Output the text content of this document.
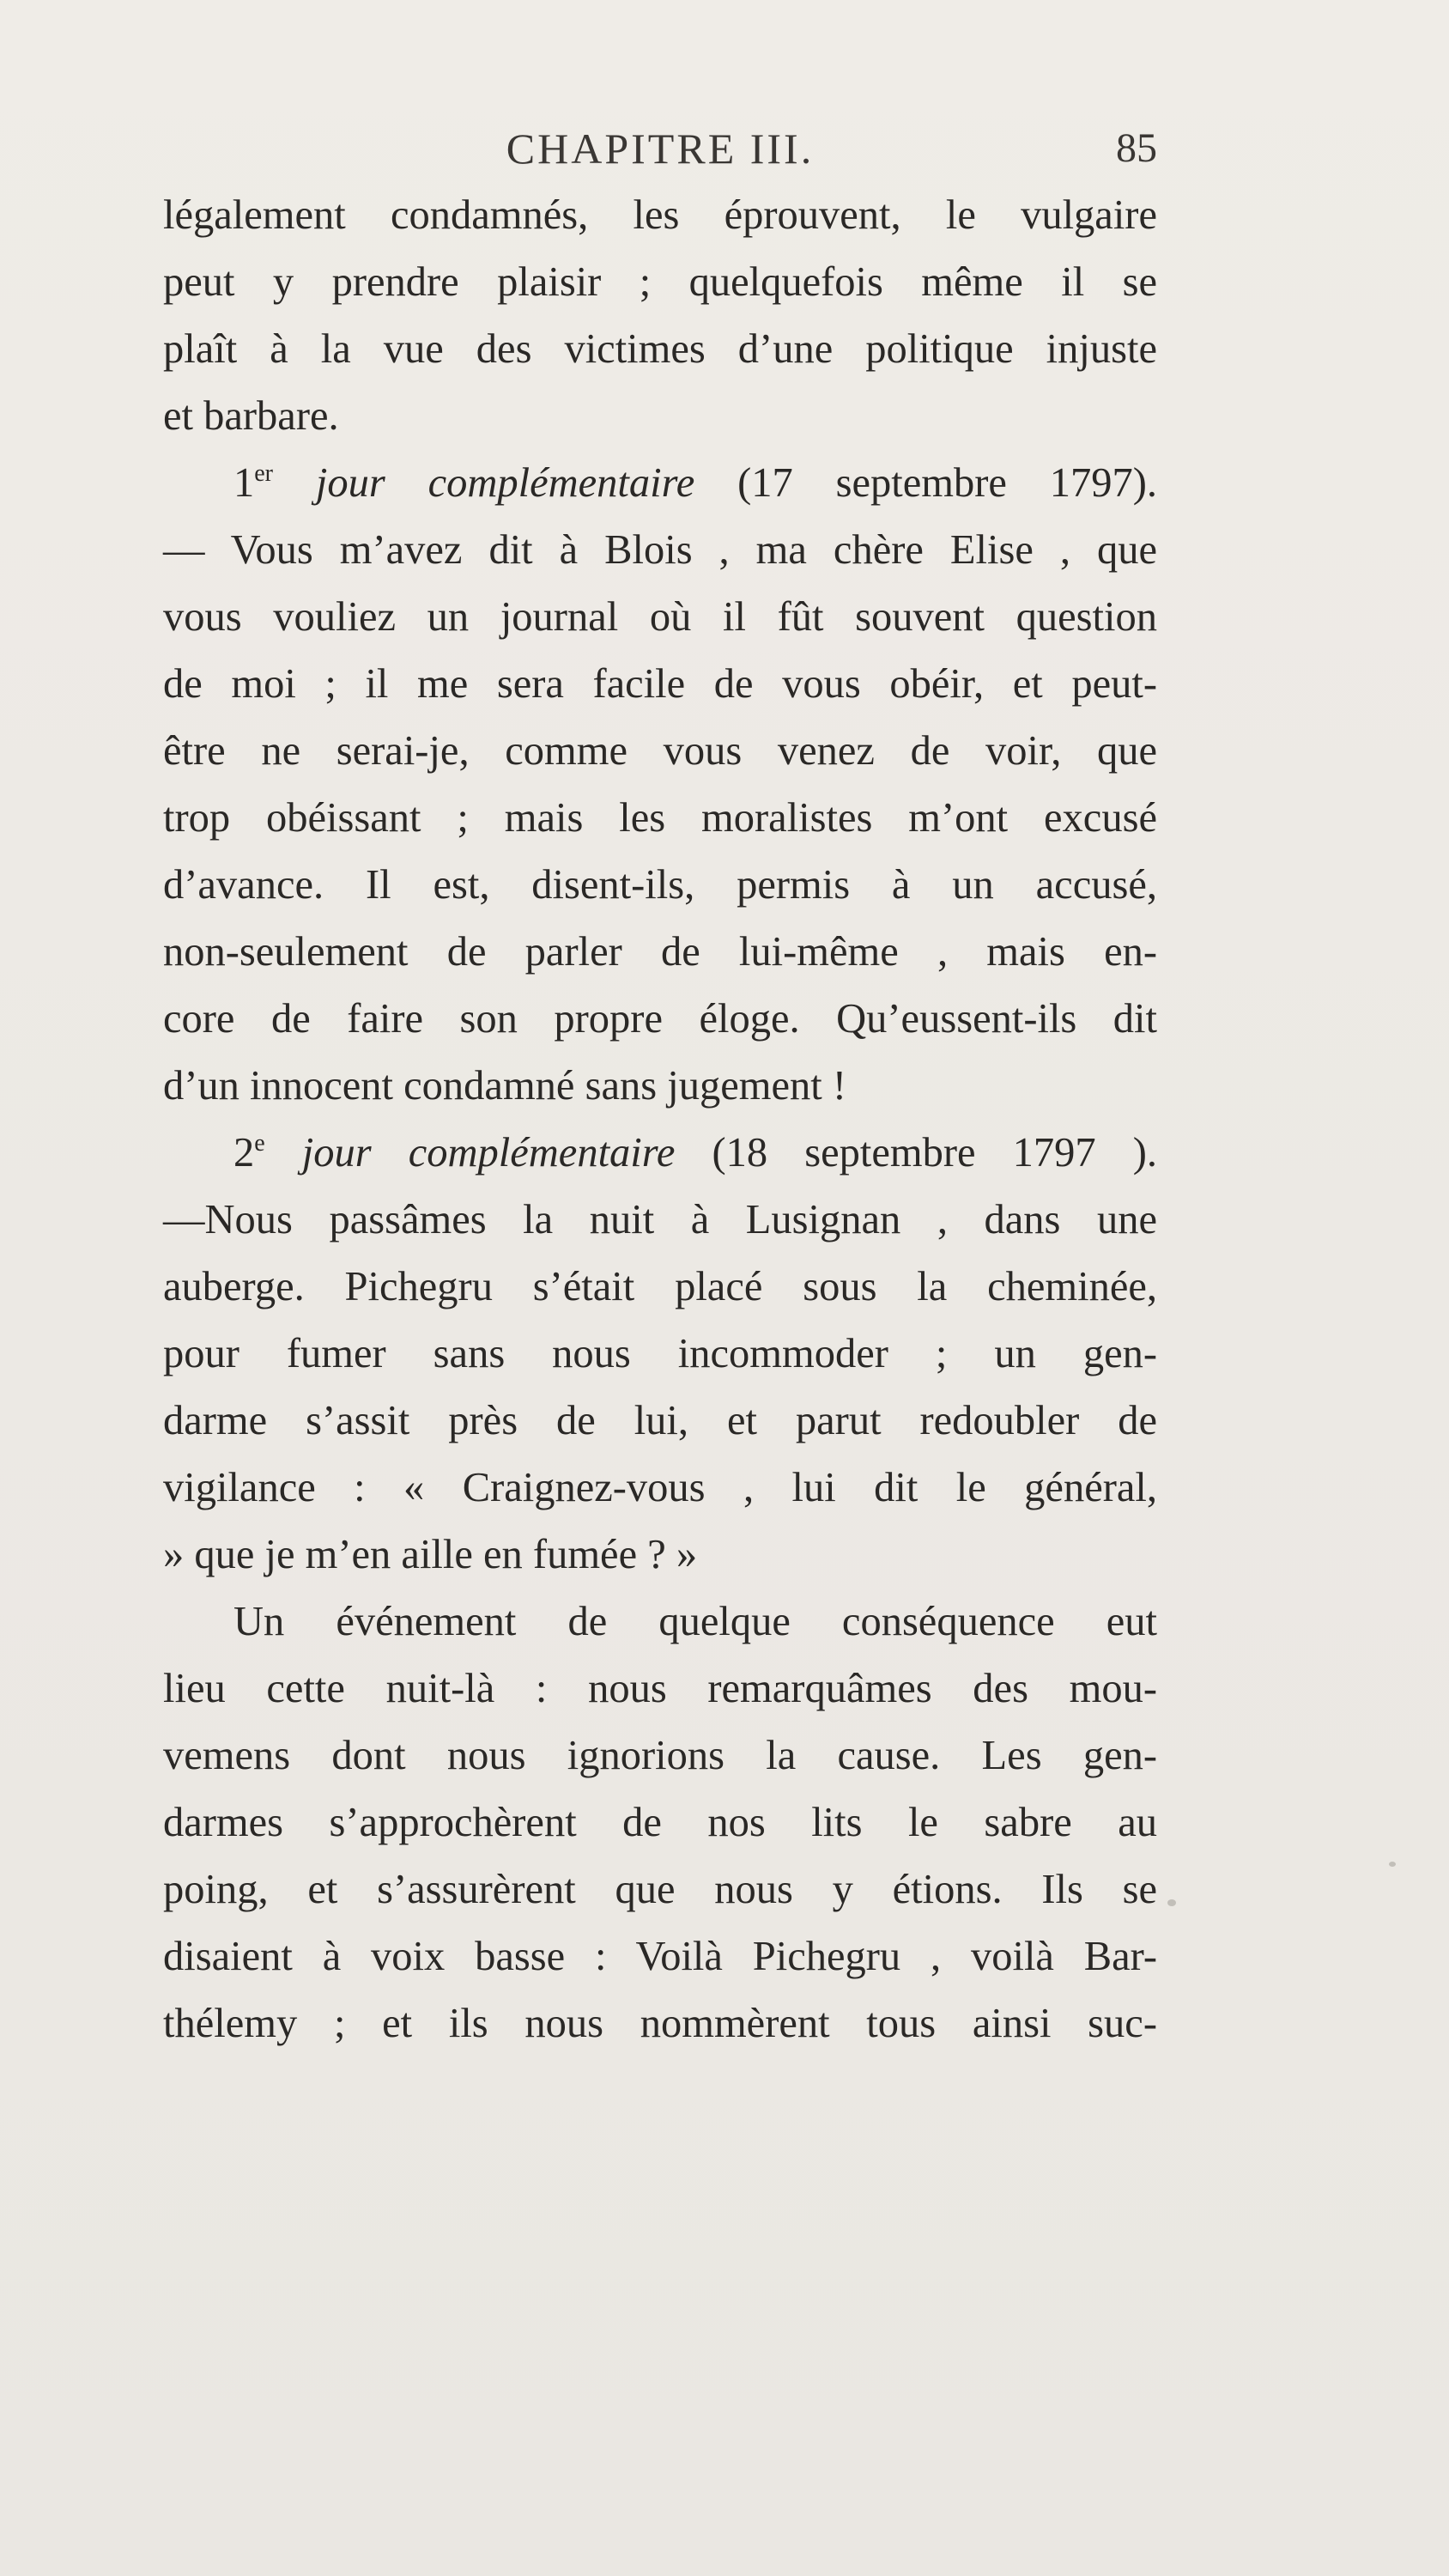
CHAPITRE III.	85
légalement condamnés, les éprouvent, le vulgaire
peut y prendre plaisir ; quelquefois même il se
plaît à la vue des victimes d’une politique injuste
et barbare.
1er jour complémentaire (17 septembre 1797).
— Vous m’avez dit à Blois , ma chère Elise , que
vous vouliez un journal où il fût souvent question
de moi ; il me sera facile de vous obéir, et peut-
être ne serai-je, comme vous venez de voir, que
trop obéissant ; mais les moralistes m’ont excusé
d’avance. Il est, disent-ils, permis à un accusé,
non-seulement de parler de lui-même , mais en-
core de faire son propre éloge. Qu’eussent-ils dit
d’un innocent condamné sans jugement !
2e jour complémentaire (18 septembre 1797 ).
—Nous passâmes la nuit à Lusignan , dans une
auberge. Pichegru s’était placé sous la cheminée,
pour fumer sans nous incommoder ; un gen-
darme s’assit près de lui, et parut redoubler de
vigilance : « Craignez-vous , lui dit le général,
» que je m’en aille en fumée ? »
Un événement de quelque conséquence eut
lieu cette nuit-là : nous remarquâmes des mou-
vemens dont nous ignorions la cause. Les gen-
darmes s’approchèrent de nos lits le sabre au
poing, et s’assurèrent que nous y étions. Ils se
disaient à voix basse : Voilà Pichegru , voilà Bar-
thélemy ; et ils nous nommèrent tous ainsi suc-
